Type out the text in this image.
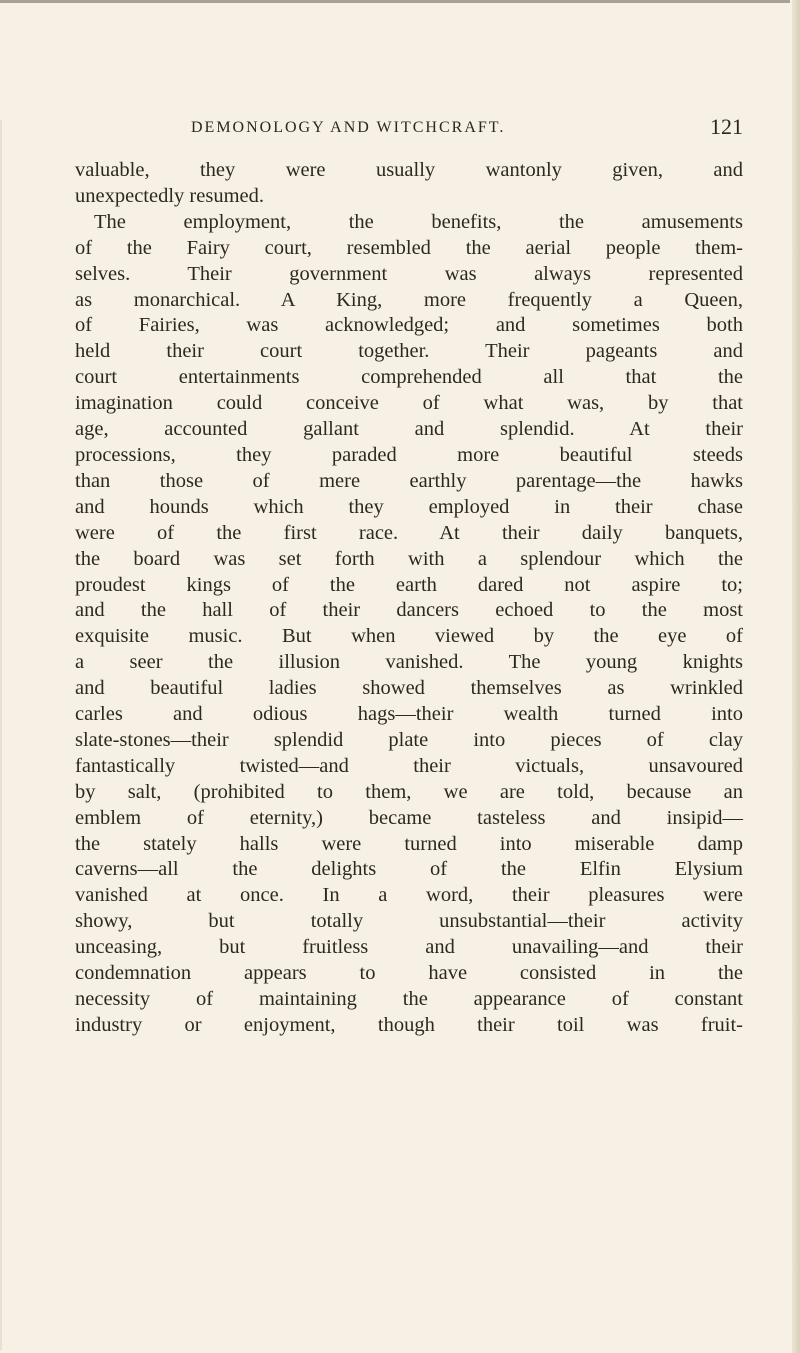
DEMONOLOGY AND WITCHCRAFT.	121
valuable, they were usually wantonly given, and
unexpectedly resumed.
The employment, the benefits, the amusements
of the Fairy court, resembled the aerial people them-
selves. Their government was always represented
as monarchical. A King, more frequently a Queen,
of Fairies, was acknowledged; and sometimes both
held their court together. Their pageants and
court entertainments comprehended all that the
imagination could conceive of what was, by that
age, accounted gallant and splendid. At their
processions, they paraded more beautiful steeds
than those of mere earthly parentage—the hawks
and hounds which they employed in their chase
were of the first race. At their daily banquets,
the board was set forth with a splendour which the
proudest kings of the earth dared not aspire to;
and the hall of their dancers echoed to the most
exquisite music. But when viewed by the eye of
a seer the illusion vanished. The young knights
and beautiful ladies showed themselves as wrinkled
carles and odious hags—their wealth turned into
slate-stones—their splendid plate into pieces of clay
fantastically twisted—and their victuals, unsavoured
by salt, (prohibited to them, we are told, because an
emblem of eternity,) became tasteless and insipid—
the stately halls were turned into miserable damp
caverns—all the delights of the Elfin Elysium
vanished at once. In a word, their pleasures were
showy, but totally unsubstantial—their activity
unceasing, but fruitless and unavailing—and their
condemnation appears to have consisted in the
necessity of maintaining the appearance of constant
industry or enjoyment, though their toil was fruit-
